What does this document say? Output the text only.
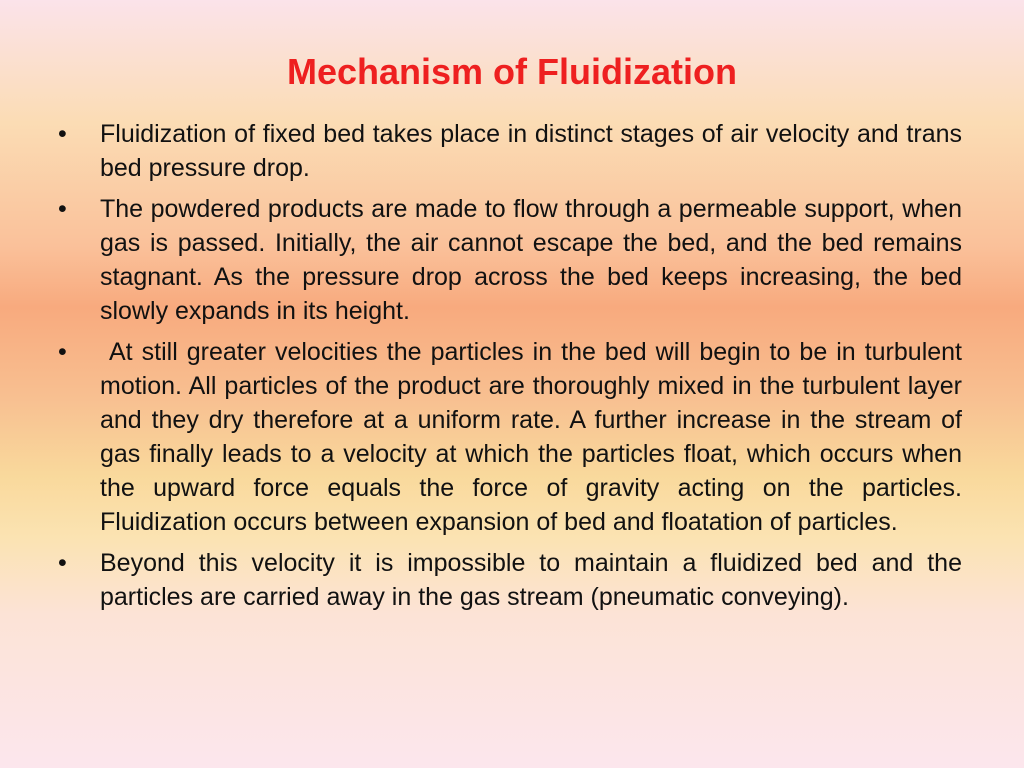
Mechanism of Fluidization
•	Fluidization of fixed bed takes place in distinct stages of air velocity and trans bed pressure drop.
•	The powdered products are made to flow through a permeable support, when gas is passed. Initially, the air cannot escape the bed, and the bed remains stagnant. As the pressure drop across the bed keeps increasing, the bed slowly expands in its height.
•	At still greater velocities the particles in the bed will begin to be in turbulent motion. All particles of the product are thoroughly mixed in the turbulent layer and they dry therefore at a uniform rate. A further increase in the stream of gas finally leads to a velocity at which the particles float, which occurs when the upward force equals the force of gravity acting on the particles. Fluidization occurs between expansion of bed and floatation of particles.
•	Beyond this velocity it is impossible to maintain a fluidized bed and the particles are carried away in the gas stream (pneumatic conveying).
